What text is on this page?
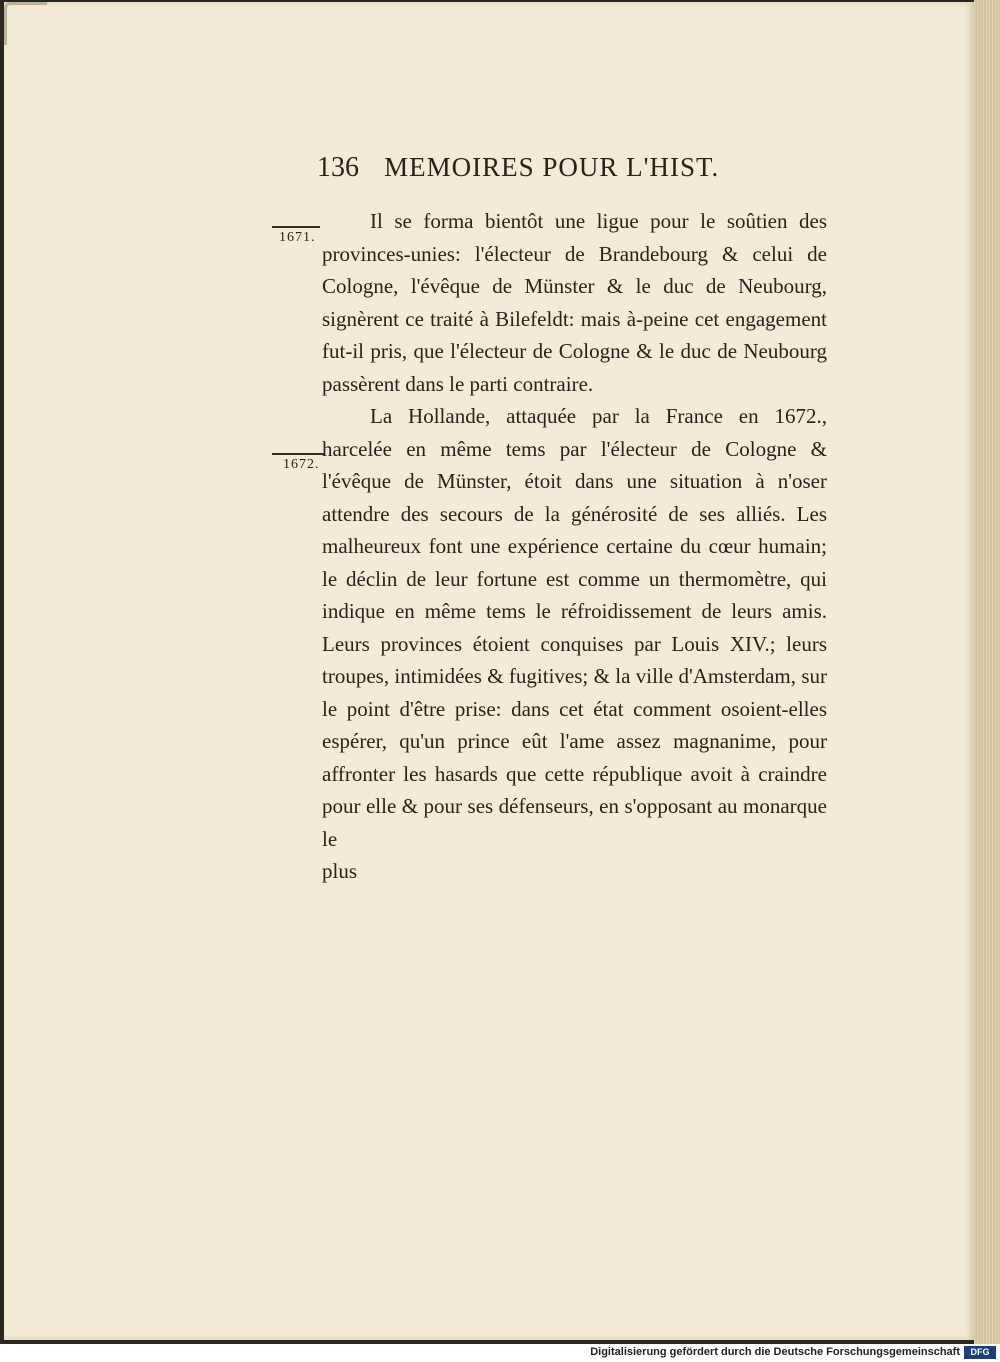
136 MEMOIRES POUR L'HIST.
1671.
1672.

Il se forma bientôt une ligue pour le soûtien des provinces-unies: l'électeur de Brandebourg & celui de Cologne, l'évêque de Münster & le duc de Neubourg, signèrent ce traité à Bilefeldt: mais à-peine cet engagement fut-il pris, que l'électeur de Cologne & le duc de Neubourg passèrent dans le parti contraire.

La Hollande, attaquée par la France en 1672., harcelée en même tems par l'électeur de Cologne & l'évêque de Münster, étoit dans une situation à n'oser attendre des secours de la générosité de ses alliés. Les malheureux font une expérience certaine du cœur humain; le déclin de leur fortune est comme un thermomètre, qui indique en même tems le réfroidissement de leurs amis. Leurs provinces étoient conquises par Louis XIV.; leurs troupes, intimidées & fugitives; & la ville d'Amsterdam, sur le point d'être prise: dans cet état comment osoient-elles espérer, qu'un prince eût l'ame assez magnanime, pour affronter les hasards que cette république avoit à craindre pour elle & pour ses défenseurs, en s'opposant au monarque le

plus

Digitalisierung gefördert durch die Deutsche Forschungsgemeinschaft	DFG
